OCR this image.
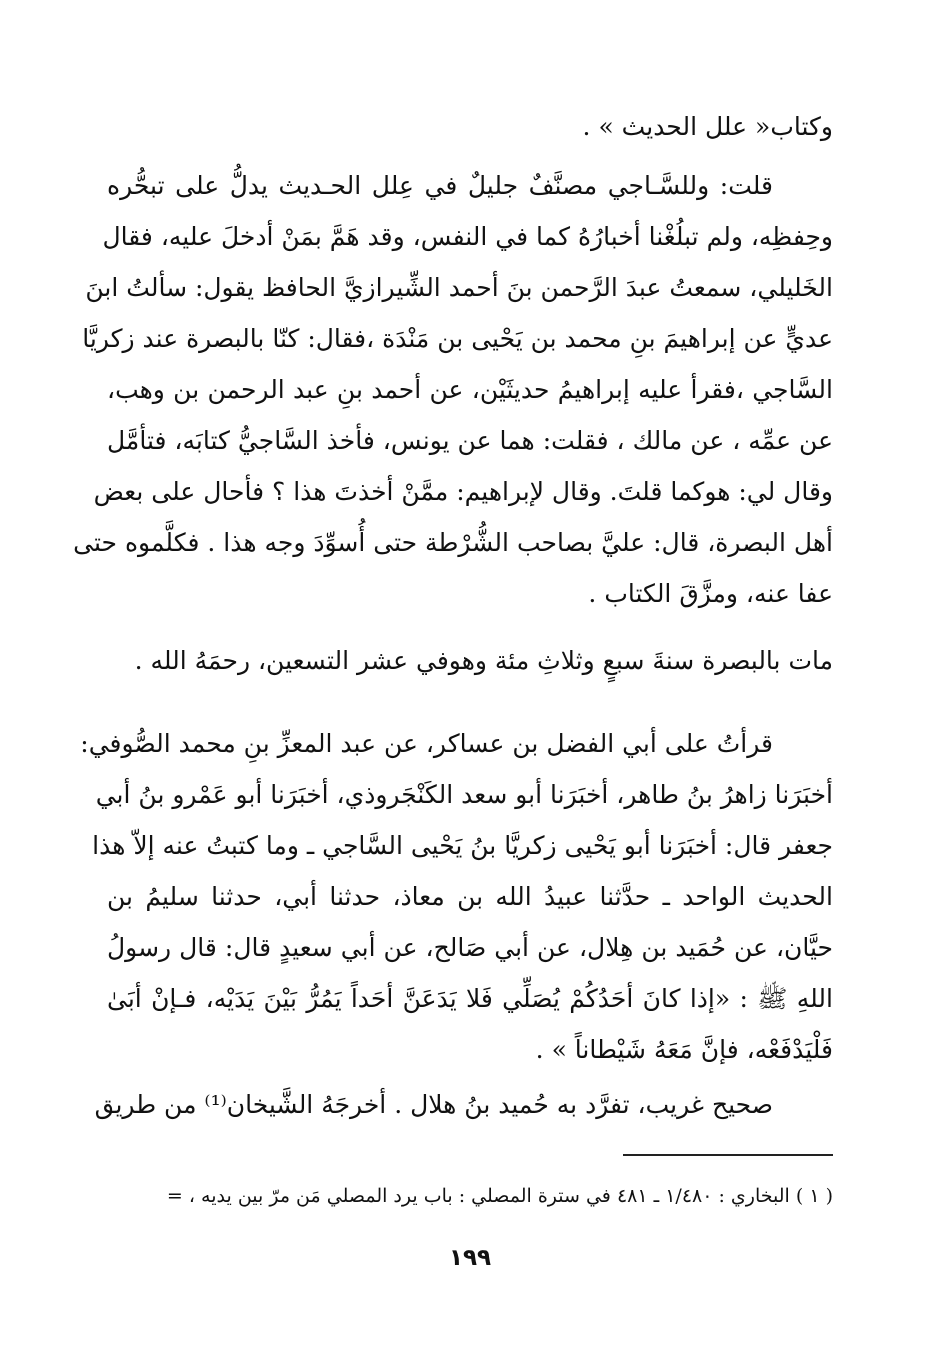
وكتاب« علل الحديث » .
قلت: وللسَّـاجي مصنَّفٌ جليلٌ في عِلل الحـديث يدلُّ على تبحُّره
وحِفظِه، ولم تبلُغْنا أخبارُهُ كما في النفس، وقد هَمَّ بمَنْ أدخلَ عليه، فقال
الخَليلي، سمعتُ عبدَ الرَّحمن بنَ أحمد الشِّيرازيَّ الحافظ يقول: سألتُ ابنَ
عديٍّ عن إبراهيمَ بنِ محمد بن يَحْيى بن مَنْدَة ،فقال: كنّا بالبصرة عند زكريَّا
السَّاجي ،فقرأ عليه إبراهيمُ حديثَيْن، عن أحمد بنِ عبد الرحمن بن وهب،
عن عمِّه ، عن مالك ، فقلت: هما عن يونس، فأخذ السَّاجيُّ كتابَه، فتأمَّل
وقال لي: هوكما قلتَ. وقال لإبراهيم: ممَّنْ أخذتَ هذا ؟ فأحال على بعض
أهل البصرة، قال: عليَّ بصاحب الشُّرْطة حتى أُسوِّدَ وجه هذا . فكلَّموه حتى
عفا عنه، ومزَّقَ الكتاب .
مات بالبصرة سنةَ سبعٍ وثلاثِ مئة وهوفي عشر التسعين، رحمَهُ الله .
قرأتُ على أبي الفضل بن عساكر، عن عبد المعزِّ بنِ محمد الصُّوفي:
أخبَرَنا زاهرُ بنُ طاهر، أخبَرَنا أبو سعد الكَنْجَروذي، أخبَرَنا أبو عَمْرو بنُ أبي
جعفر قال: أخبَرَنا أبو يَحْيى زكريَّا بنُ يَحْيى السَّاجي ـ وما كتبتُ عنه إلاّ هذا
الحديث الواحد ـ حدَّثنا عبيدُ الله بن معاذ، حدثنا أبي، حدثنا سليمُ بن
حيَّان، عن حُمَيد بن هِلال، عن أبي صَالح، عن أبي سعيدٍ قال: قال رسولُ
اللهِ ﷺ : «إذا كانَ أحَدُكُمْ يُصَلِّي فَلا يَدَعَنَّ أحَداً يَمُرُّ بَيْنَ يَدَيْه، فـإنْ أبَىٰ
فَلْيَدْفَعْه، فإنَّ مَعَهُ شَيْطاناً » .
صحيح غريب، تفرَّد به حُميد بنُ هلال . أخرجَهُ الشَّيخان⁽¹⁾ من طريق
( ١ ) البخاري : ١/٤٨٠ ـ ٤٨١ في سترة المصلي : باب يرد المصلي مَن مرّ بين يديه ، =
١٩٩
